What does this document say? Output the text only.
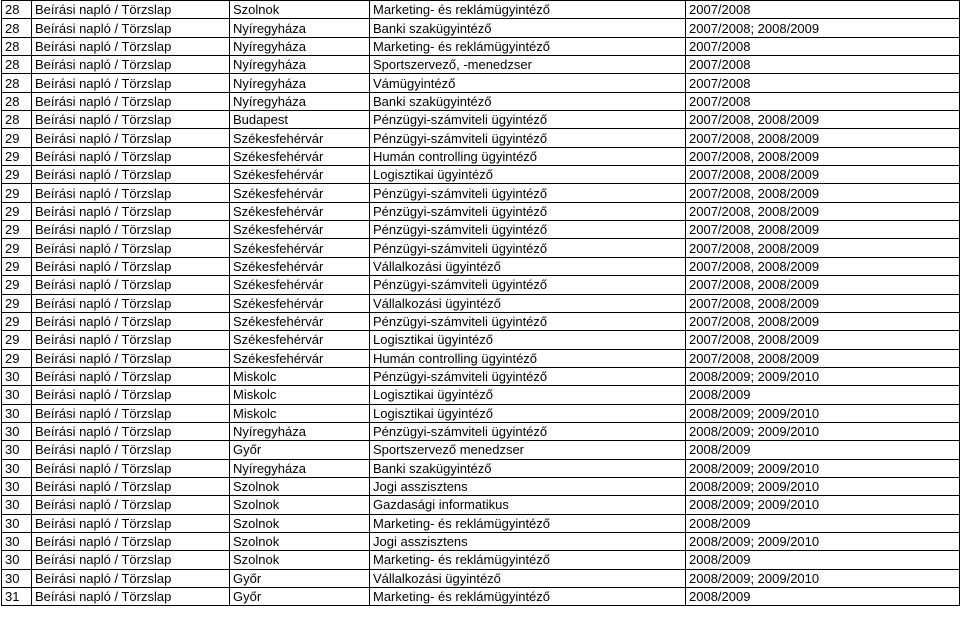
28	Beírási napló / Törzslap	Szolnok	Marketing- és reklámügyintéző	2007/2008
28	Beírási napló / Törzslap	Nyíregyháza	Banki szakügyintéző	2007/2008; 2008/2009
28	Beírási napló / Törzslap	Nyíregyháza	Marketing- és reklámügyintéző	2007/2008
28	Beírási napló / Törzslap	Nyíregyháza	Sportszervező, -menedzser	2007/2008
28	Beírási napló / Törzslap	Nyíregyháza	Vámügyintéző	2007/2008
28	Beírási napló / Törzslap	Nyíregyháza	Banki szakügyintéző	2007/2008
28	Beírási napló / Törzslap	Budapest	Pénzügyi-számviteli ügyintéző	2007/2008, 2008/2009
29	Beírási napló / Törzslap	Székesfehérvár	Pénzügyi-számviteli ügyintéző	2007/2008, 2008/2009
29	Beírási napló / Törzslap	Székesfehérvár	Humán controlling ügyintéző	2007/2008, 2008/2009
29	Beírási napló / Törzslap	Székesfehérvár	Logisztikai ügyintéző	2007/2008, 2008/2009
29	Beírási napló / Törzslap	Székesfehérvár	Pénzügyi-számviteli ügyintéző	2007/2008, 2008/2009
29	Beírási napló / Törzslap	Székesfehérvár	Pénzügyi-számviteli ügyintéző	2007/2008, 2008/2009
29	Beírási napló / Törzslap	Székesfehérvár	Pénzügyi-számviteli ügyintéző	2007/2008, 2008/2009
29	Beírási napló / Törzslap	Székesfehérvár	Pénzügyi-számviteli ügyintéző	2007/2008, 2008/2009
29	Beírási napló / Törzslap	Székesfehérvár	Vállalkozási ügyintéző	2007/2008, 2008/2009
29	Beírási napló / Törzslap	Székesfehérvár	Pénzügyi-számviteli ügyintéző	2007/2008, 2008/2009
29	Beírási napló / Törzslap	Székesfehérvár	Vállalkozási ügyintéző	2007/2008, 2008/2009
29	Beírási napló / Törzslap	Székesfehérvár	Pénzügyi-számviteli ügyintéző	2007/2008, 2008/2009
29	Beírási napló / Törzslap	Székesfehérvár	Logisztikai ügyintéző	2007/2008, 2008/2009
29	Beírási napló / Törzslap	Székesfehérvár	Humán controlling ügyintéző	2007/2008, 2008/2009
30	Beírási napló / Törzslap	Miskolc	Pénzügyi-számviteli ügyintéző	2008/2009; 2009/2010
30	Beírási napló / Törzslap	Miskolc	Logisztikai ügyintéző	2008/2009
30	Beírási napló / Törzslap	Miskolc	Logisztikai ügyintéző	2008/2009; 2009/2010
30	Beírási napló / Törzslap	Nyíregyháza	Pénzügyi-számviteli ügyintéző	2008/2009; 2009/2010
30	Beírási napló / Törzslap	Győr	Sportszervező menedzser	2008/2009
30	Beírási napló / Törzslap	Nyíregyháza	Banki szakügyintéző	2008/2009; 2009/2010
30	Beírási napló / Törzslap	Szolnok	Jogi asszisztens	2008/2009; 2009/2010
30	Beírási napló / Törzslap	Szolnok	Gazdasági informatikus	2008/2009; 2009/2010
30	Beírási napló / Törzslap	Szolnok	Marketing- és reklámügyintéző	2008/2009
30	Beírási napló / Törzslap	Szolnok	Jogi asszisztens	2008/2009; 2009/2010
30	Beírási napló / Törzslap	Szolnok	Marketing- és reklámügyintéző	2008/2009
30	Beírási napló / Törzslap	Győr	Vállalkozási ügyintéző	2008/2009; 2009/2010
31	Beírási napló / Törzslap	Győr	Marketing- és reklámügyintéző	2008/2009
